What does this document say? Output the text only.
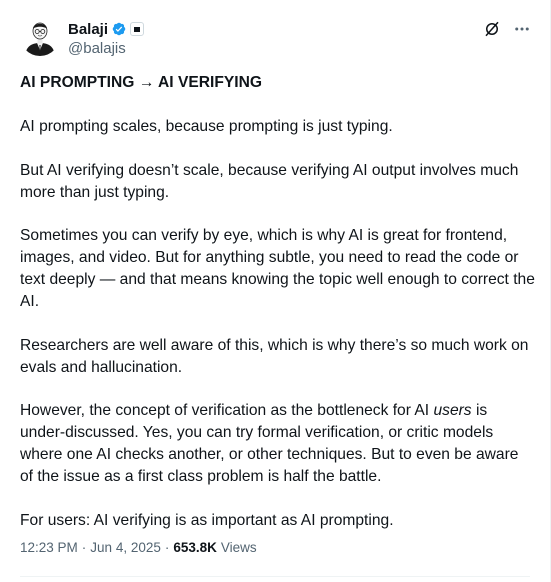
Balaji
@balajis

AI PROMPTING → AI VERIFYING

AI prompting scales, because prompting is just typing.

But AI verifying doesn’t scale, because verifying AI output involves much more than just typing.

Sometimes you can verify by eye, which is why AI is great for frontend, images, and video. But for anything subtle, you need to read the code or text deeply — and that means knowing the topic well enough to correct the AI.

Researchers are well aware of this, which is why there’s so much work on evals and hallucination.

However, the concept of verification as the bottleneck for AI users is under-discussed. Yes, you can try formal verification, or critic models where one AI checks another, or other techniques. But to even be aware of the issue as a first class problem is half the battle.

For users: AI verifying is as important as AI prompting.

12:23 PM · Jun 4, 2025 · 653.8K Views
